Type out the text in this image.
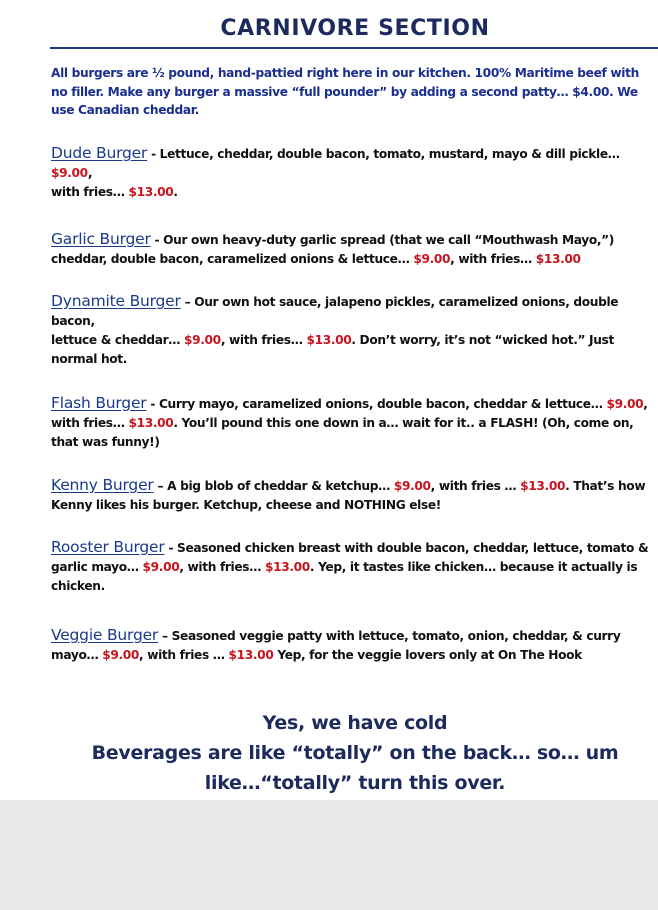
CARNIVORE SECTION
All burgers are ½ pound, hand-pattied right here in our kitchen. 100% Maritime beef with no filler. Make any burger a massive “full pounder” by adding a second patty… $4.00. We use Canadian cheddar.
Dude Burger - Lettuce, cheddar, double bacon, tomato, mustard, mayo & dill pickle…
$9.00,
with fries… $13.00.
Garlic Burger - Our own heavy-duty garlic spread (that we call “Mouthwash Mayo,”) cheddar, double bacon, caramelized onions & lettuce… $9.00, with fries… $13.00
Dynamite Burger – Our own hot sauce, jalapeno pickles, caramelized onions, double bacon,
lettuce & cheddar… $9.00, with fries… $13.00. Don’t worry, it’s not “wicked hot.” Just normal hot.
Flash Burger - Curry mayo, caramelized onions, double bacon, cheddar & lettuce… $9.00, with fries… $13.00. You’ll pound this one down in a… wait for it.. a FLASH! (Oh, come on, that was funny!)
Kenny Burger – A big blob of cheddar & ketchup… $9.00, with fries … $13.00. That’s how Kenny likes his burger. Ketchup, cheese and NOTHING else!
Rooster Burger - Seasoned chicken breast with double bacon, cheddar, lettuce, tomato & garlic mayo… $9.00, with fries… $13.00. Yep, it tastes like chicken… because it actually is chicken.
Veggie Burger – Seasoned veggie patty with lettuce, tomato, onion, cheddar, & curry mayo… $9.00, with fries … $13.00 Yep, for the veggie lovers only at On The Hook
Yes, we have cold
Beverages are like “totally” on the back… so… um
like…“totally” turn this over.
